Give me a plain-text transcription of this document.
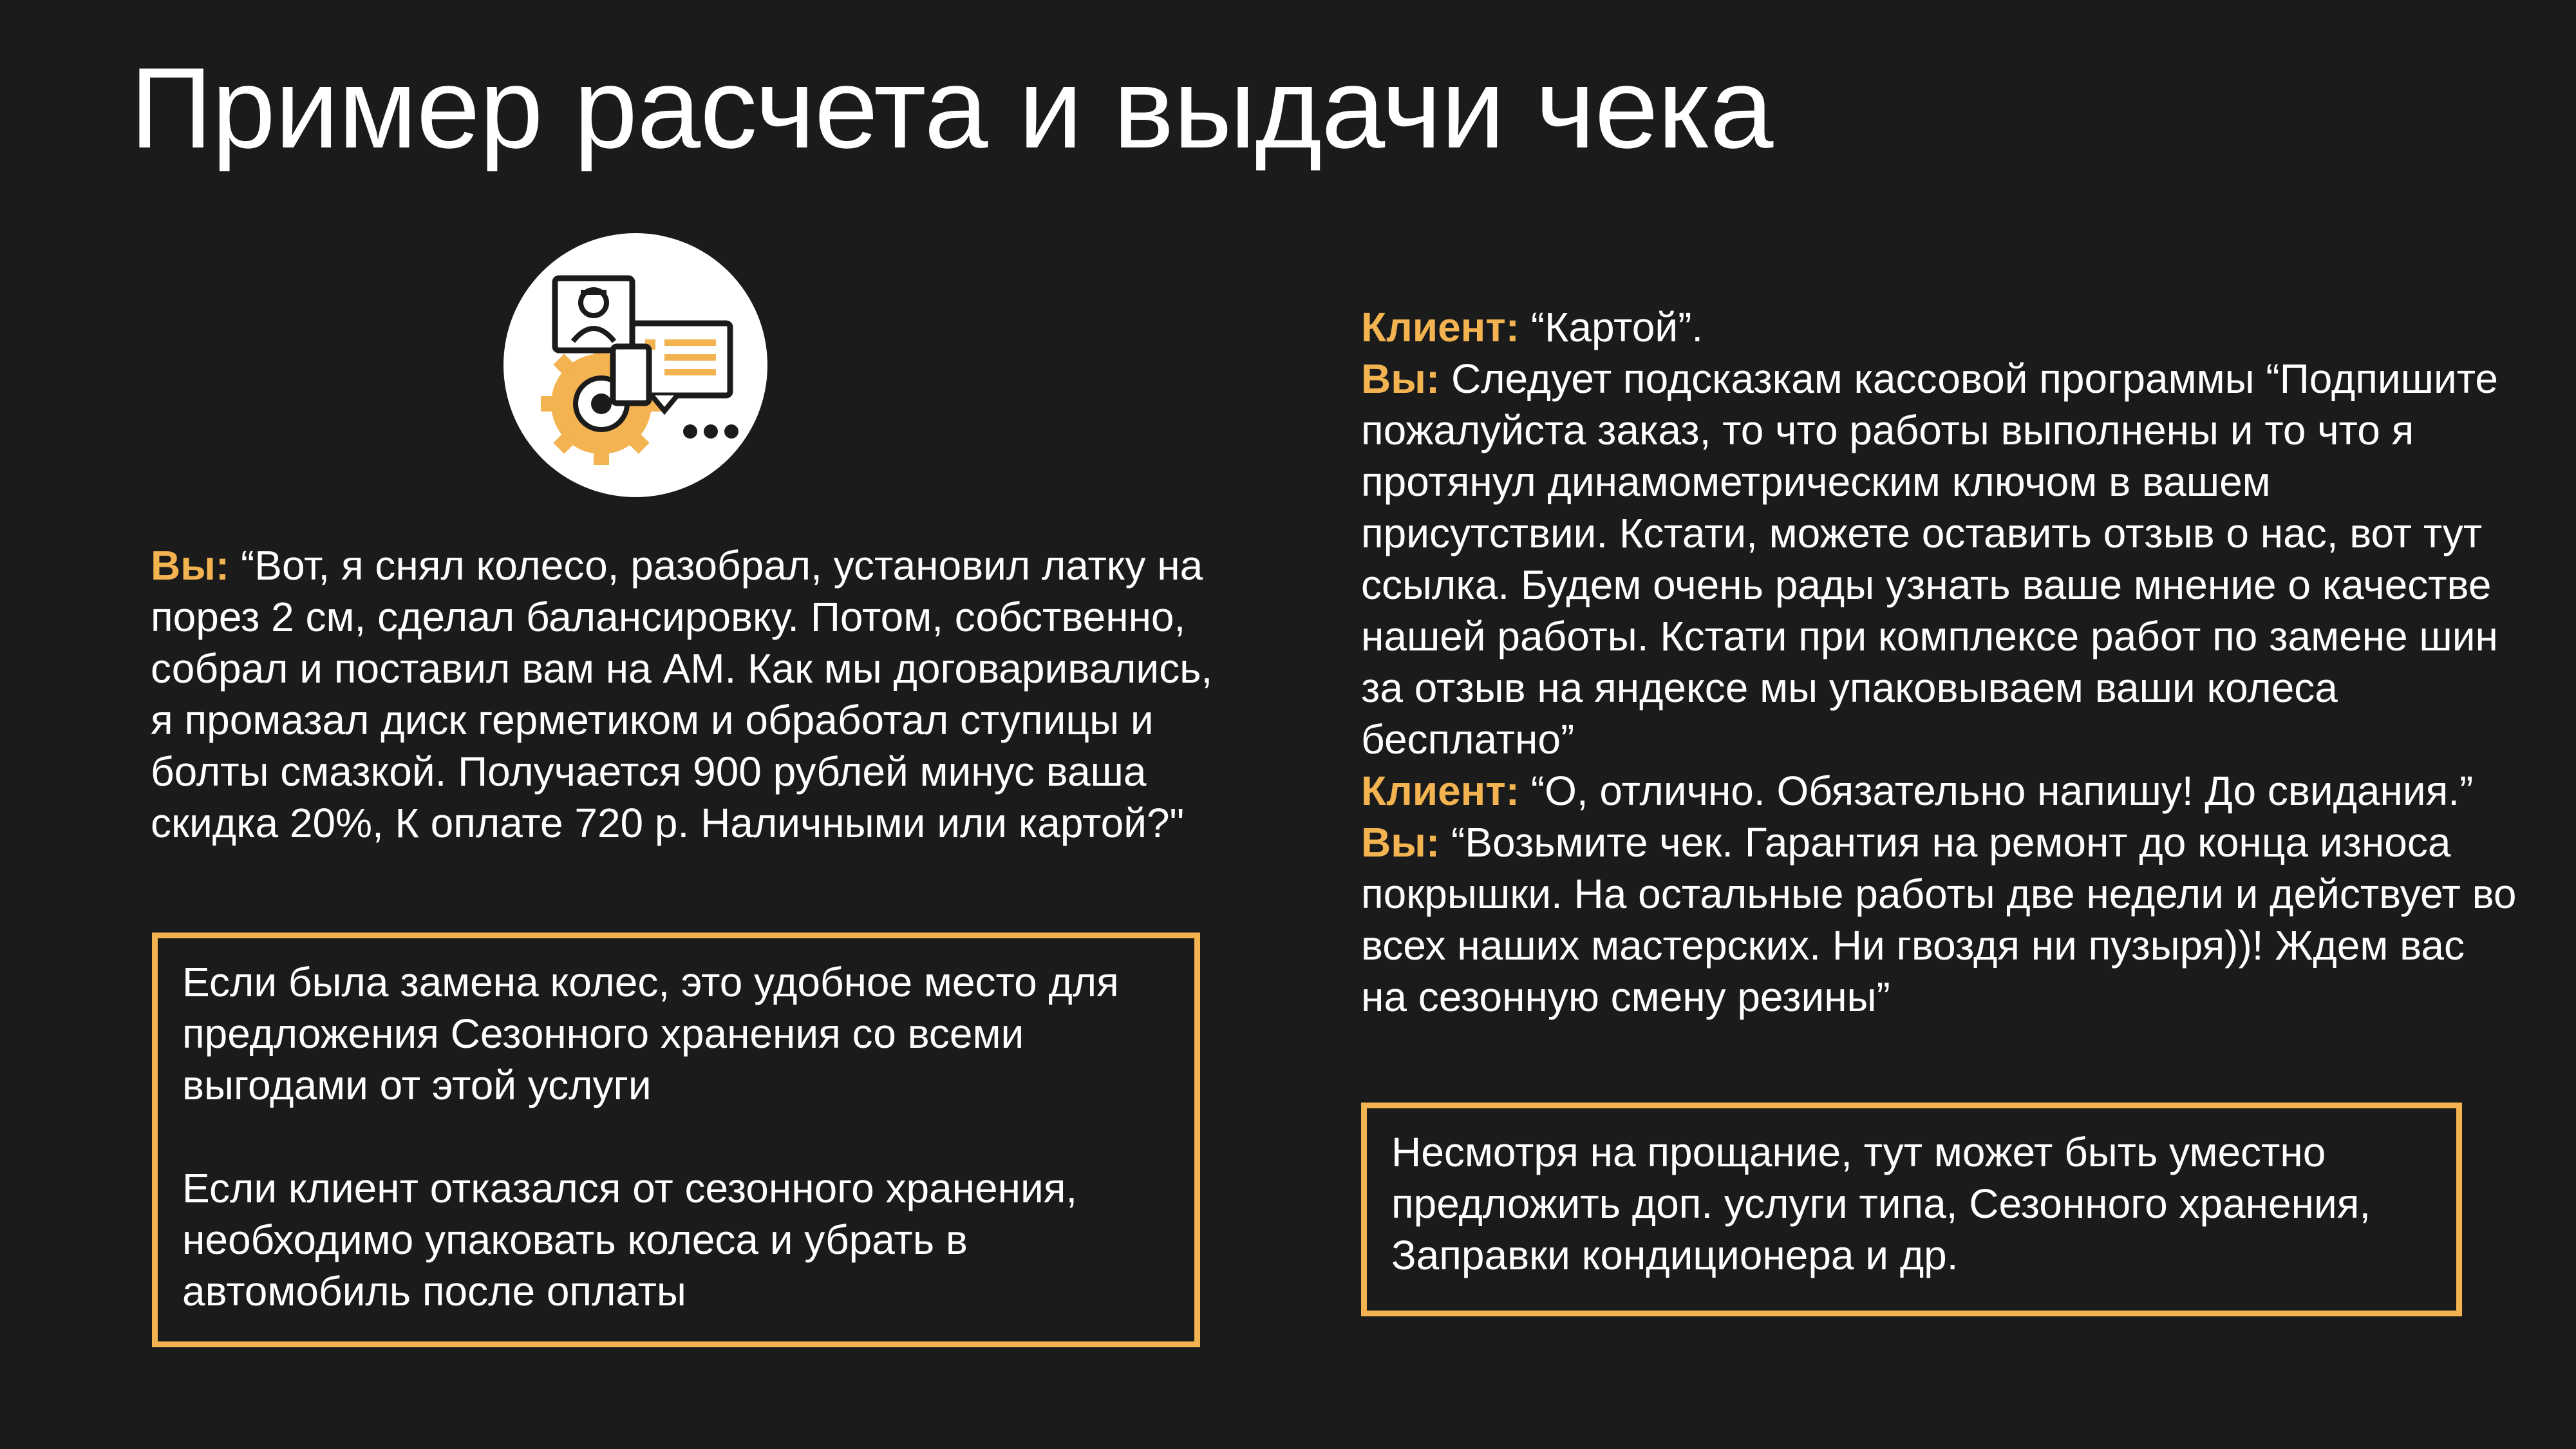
Пример расчета и выдачи чека
Вы: “Вот, я снял колесо, разобрал, установил латку на порез 2 см, сделал балансировку. Потом, собственно, собрал и поставил вам на АМ. Как мы договаривались, я промазал диск герметиком и обработал ступицы и болты смазкой. Получается 900 рублей минус ваша скидка 20%, К оплате 720 р. Наличными или картой?"

Если была замена колес, это удобное место для предложения Сезонного хранения со всеми выгодами от этой услуги

Если клиент отказался от сезонного хранения, необходимо упаковать колеса и убрать в автомобиль после оплаты

Клиент: “Картой”.
Вы: Следует подсказкам кассовой программы “Подпишите пожалуйста заказ, то что работы выполнены и то что я протянул динамометрическим ключом в вашем присутствии. Кстати, можете оставить отзыв о нас, вот тут ссылка. Будем очень рады узнать ваше мнение о качестве нашей работы. Кстати при комплексе работ по замене шин за отзыв на яндексе мы упаковываем ваши колеса бесплатно”
Клиент: “О, отлично. Обязательно напишу! До свидания.”
Вы: “Возьмите чек. Гарантия на ремонт до конца износа покрышки. На остальные работы две недели и действует во всех наших мастерских. Ни гвоздя ни пузыря))! Ждем вас на сезонную смену резины”

Несмотря на прощание, тут может быть уместно предложить доп. услуги типа, Сезонного хранения, Заправки кондиционера и др.
